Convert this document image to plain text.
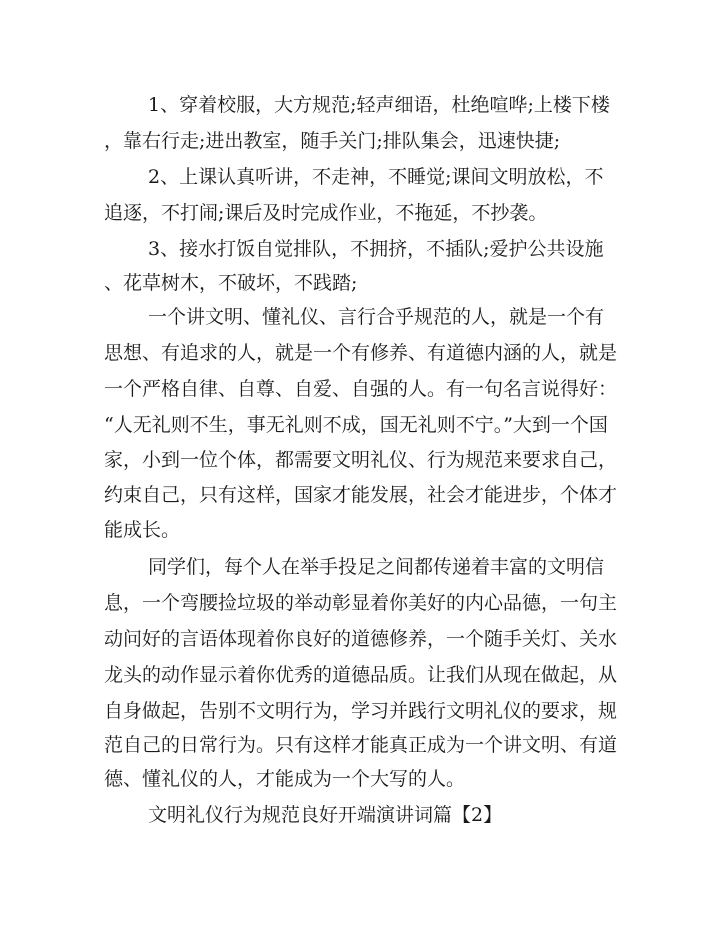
1、穿着校服，大方规范;轻声细语，杜绝喧哗;上楼下楼
，靠右行走;进出教室，随手关门;排队集会，迅速快捷;
2、上课认真听讲，不走神，不睡觉;课间文明放松，不
追逐，不打闹;课后及时完成作业，不拖延，不抄袭。
3、接水打饭自觉排队，不拥挤，不插队;爱护公共设施
、花草树木，不破坏，不践踏;
一个讲文明、懂礼仪、言行合乎规范的人，就是一个有
思想、有追求的人，就是一个有修养、有道德内涵的人，就是
一个严格自律、自尊、自爱、自强的人。有一句名言说得好：
“人无礼则不生，事无礼则不成，国无礼则不宁。”大到一个国
家，小到一位个体，都需要文明礼仪、行为规范来要求自己，
约束自己，只有这样，国家才能发展，社会才能进步，个体才
能成长。
同学们，每个人在举手投足之间都传递着丰富的文明信
息，一个弯腰捡垃圾的举动彰显着你美好的内心品德，一句主
动问好的言语体现着你良好的道德修养，一个随手关灯、关水
龙头的动作显示着你优秀的道德品质。让我们从现在做起，从
自身做起，告别不文明行为，学习并践行文明礼仪的要求，规
范自己的日常行为。只有这样才能真正成为一个讲文明、有道
德、懂礼仪的人，才能成为一个大写的人。
文明礼仪行为规范良好开端演讲词篇【2】
